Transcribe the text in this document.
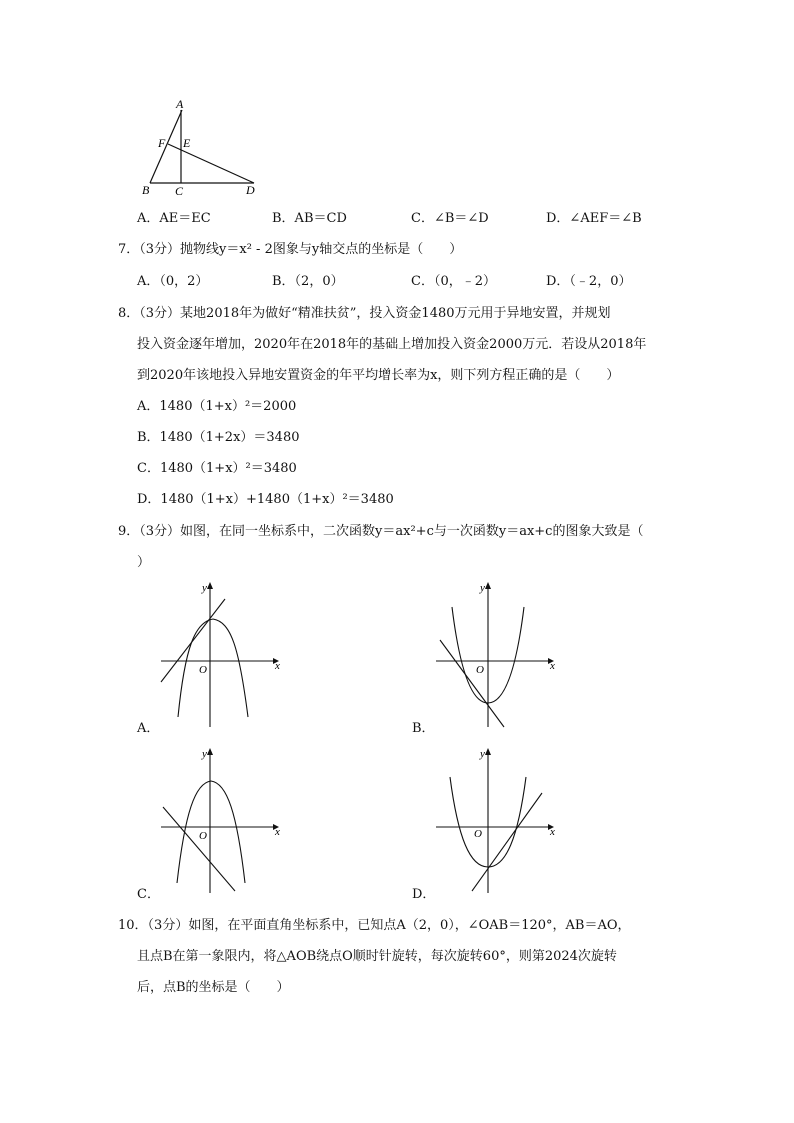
A
F E
B C	D
A．AE＝EC	B．AB＝CD	C．∠B＝∠D	D．∠AEF＝∠B
7．（3分）抛物线y＝x² - 2图象与y轴交点的坐标是（　　）
A．（0，2）	B．（2，0）	C．（0，﹣2）	D．（﹣2，0）
8．（3分）某地2018年为做好“精准扶贫”，投入资金1480万元用于异地安置，并规划
投入资金逐年增加，2020年在2018年的基础上增加投入资金2000万元．若设从2018年
到2020年该地投入异地安置资金的年平均增长率为x，则下列方程正确的是（　　）
A．1480（1+x）²＝2000
B．1480（1+2x）＝3480
C．1480（1+x）²＝3480
D．1480（1+x）+1480（1+x）²＝3480
9．（3分）如图，在同一坐标系中，二次函数y＝ax²+c与一次函数y＝ax+c的图象大致是（
）
x
y
O
A．
x
y
O
B．
x
y
O
C．
x
y
O
D．
10．（3分）如图，在平面直角坐标系中，已知点A（2，0），∠OAB＝120°，AB＝AO，
且点B在第一象限内，将△AOB绕点O顺时针旋转，每次旋转60°，则第2024次旋转
后，点B的坐标是（　　）
